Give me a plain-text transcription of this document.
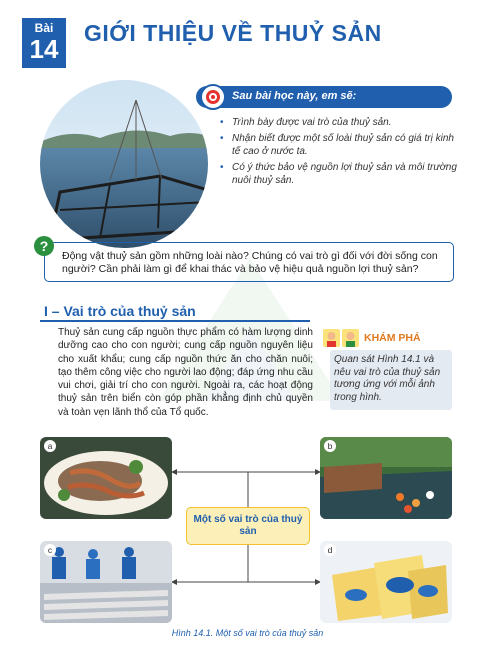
Bài
14
GIỚI THIỆU VỀ THUỶ SẢN
Sau bài học này, em sẽ:
• Trình bày được vai trò của thuỷ sản.
• Nhận biết được một số loài thuỷ sản có giá trị kinh tế cao ở nước ta.
• Có ý thức bảo vệ nguồn lợi thuỷ sản và môi trường nuôi thuỷ sản.
?
Động vật thuỷ sản gồm những loài nào? Chúng có vai trò gì đối với đời sống con người? Cần phải làm gì để khai thác và bảo vệ hiệu quả nguồn lợi thuỷ sản?
I – Vai trò của thuỷ sản
Thuỷ sản cung cấp nguồn thực phẩm có hàm lượng dinh dưỡng cao cho con người; cung cấp nguồn nguyên liệu cho xuất khẩu; cung cấp nguồn thức ăn cho chăn nuôi; tạo thêm công việc cho người lao động; đáp ứng nhu cầu vui chơi, giải trí cho con người. Ngoài ra, các hoạt động thuỷ sản trên biển còn góp phần khẳng định chủ quyền và toàn vẹn lãnh thổ của Tổ quốc.
KHÁM PHÁ
Quan sát Hình 14.1 và nêu vai trò của thuỷ sản tương ứng với mỗi ảnh trong hình.
a	b
c	d
Một số vai trò của thuỷ sản
Hình 14.1. Một số vai trò của thuỷ sản
